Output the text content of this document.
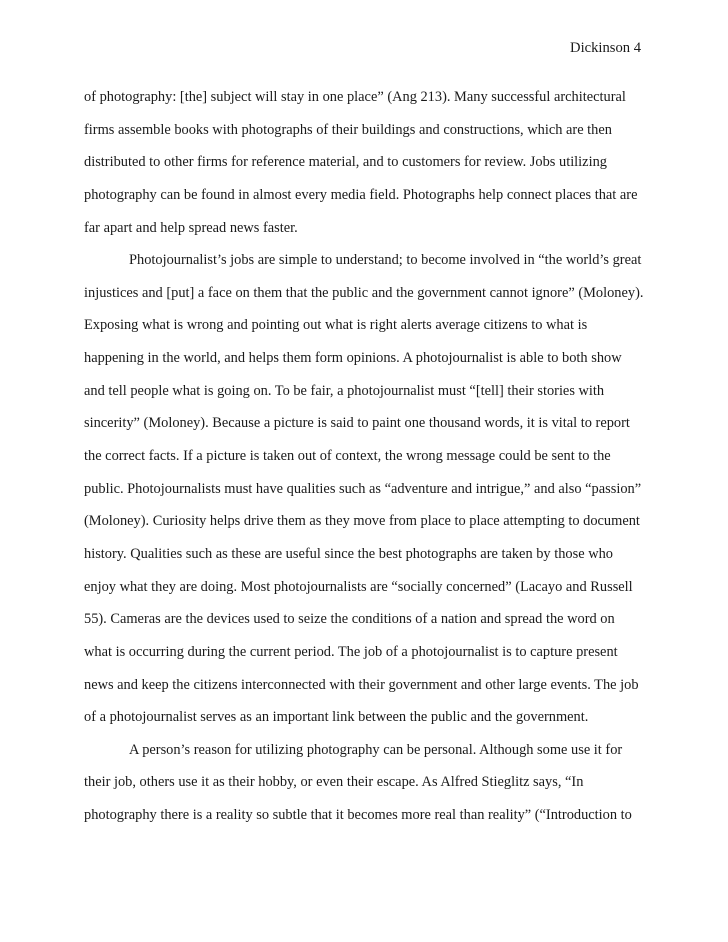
Dickinson 4
of photography: [the] subject will stay in one place” (Ang 213). Many successful architectural
firms assemble books with photographs of their buildings and constructions, which are then
distributed to other firms for reference material, and to customers for review. Jobs utilizing
photography can be found in almost every media field. Photographs help connect places that are
far apart and help spread news faster.
Photojournalist’s jobs are simple to understand; to become involved in “the world’s great
injustices and [put] a face on them that the public and the government cannot ignore” (Moloney).
Exposing what is wrong and pointing out what is right alerts average citizens to what is
happening in the world, and helps them form opinions. A photojournalist is able to both show
and tell people what is going on. To be fair, a photojournalist must “[tell] their stories with
sincerity” (Moloney). Because a picture is said to paint one thousand words, it is vital to report
the correct facts. If a picture is taken out of context, the wrong message could be sent to the
public. Photojournalists must have qualities such as “adventure and intrigue,” and also “passion”
(Moloney). Curiosity helps drive them as they move from place to place attempting to document
history. Qualities such as these are useful since the best photographs are taken by those who
enjoy what they are doing. Most photojournalists are “socially concerned” (Lacayo and Russell
55). Cameras are the devices used to seize the conditions of a nation and spread the word on
what is occurring during the current period. The job of a photojournalist is to capture present
news and keep the citizens interconnected with their government and other large events. The job
of a photojournalist serves as an important link between the public and the government.
A person’s reason for utilizing photography can be personal. Although some use it for
their job, others use it as their hobby, or even their escape. As Alfred Stieglitz says, “In
photography there is a reality so subtle that it becomes more real than reality” (“Introduction to
